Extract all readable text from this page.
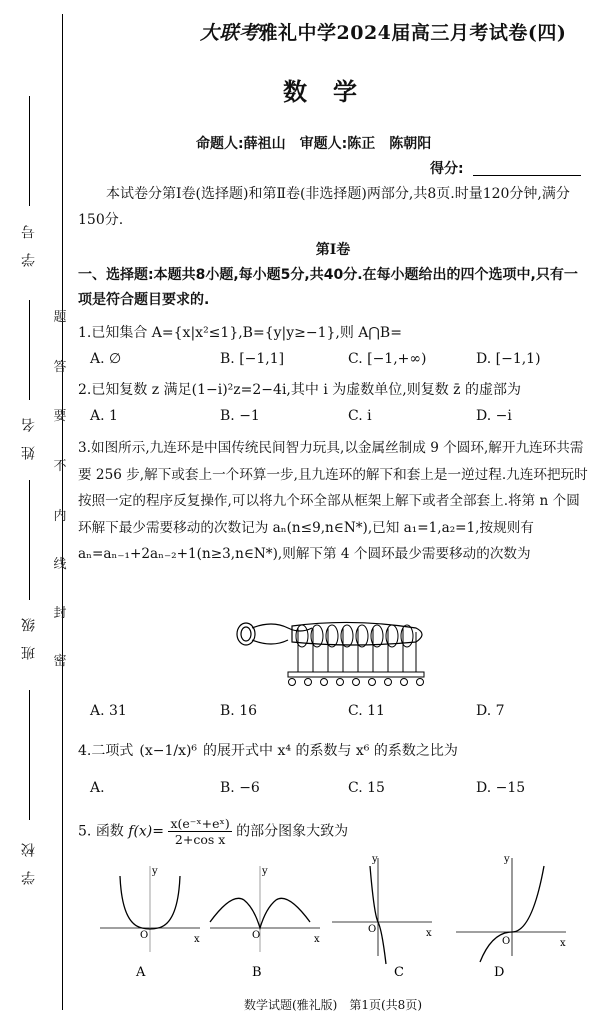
学　号
姓　名
班　级
学　校
题
答
要
不
内
线
封
密
大联考雅礼中学2024届高三月考试卷(四)
数学
命题人:薛祖山　审题人:陈正　陈朝阳
得分:
本试卷分第Ⅰ卷(选择题)和第Ⅱ卷(非选择题)两部分,共8页.时量120分钟,满分150分.
第Ⅰ卷
一、选择题:本题共8小题,每小题5分,共40分.在每小题给出的四个选项中,只有一项是符合题目要求的.
1.已知集合 A={x|x²≤1},B={y|y≥−1},则 A⋂B=
A. ∅	B. [−1,1]	C. [−1,+∞)	D. [−1,1)
2.已知复数 z 满足(1−i)²z=2−4i,其中 i 为虚数单位,则复数 z̄ 的虚部为
A. 1	B. −1	C. i	D. −i
3.如图所示,九连环是中国传统民间智力玩具,以金属丝制成 9 个圆环,解开九连环共需要 256 步,解下或套上一个环算一步,且九连环的解下和套上是一逆过程.九连环把玩时按照一定的程序反复操作,可以将九个环全部从框架上解下或者全部套上.将第 n 个圆环解下最少需要移动的次数记为 aₙ(n≤9,n∈N*),已知 a₁=1,a₂=1,按规则有 aₙ=aₙ₋₁+2aₙ₋₂+1(n≥3,n∈N*),则解下第 4 个圆环最少需要移动的次数为
A. 31	B. 16	C. 11	D. 7
4.二项式 (x−1/x)⁶ 的展开式中 x⁴ 的系数与 x⁶ 的系数之比为
A.	B. −6	C. 15	D. −15
5. 函数 $f(x)= \frac{\text{x(e⁻ˣ+eˣ)}}{\text{2+cos x}}$ 的部分图象大致为
y
O	x
A
y
O	x
B
y
O	x
C
y
O	x
D
数学试题(雅礼版)　第1页(共8页)
